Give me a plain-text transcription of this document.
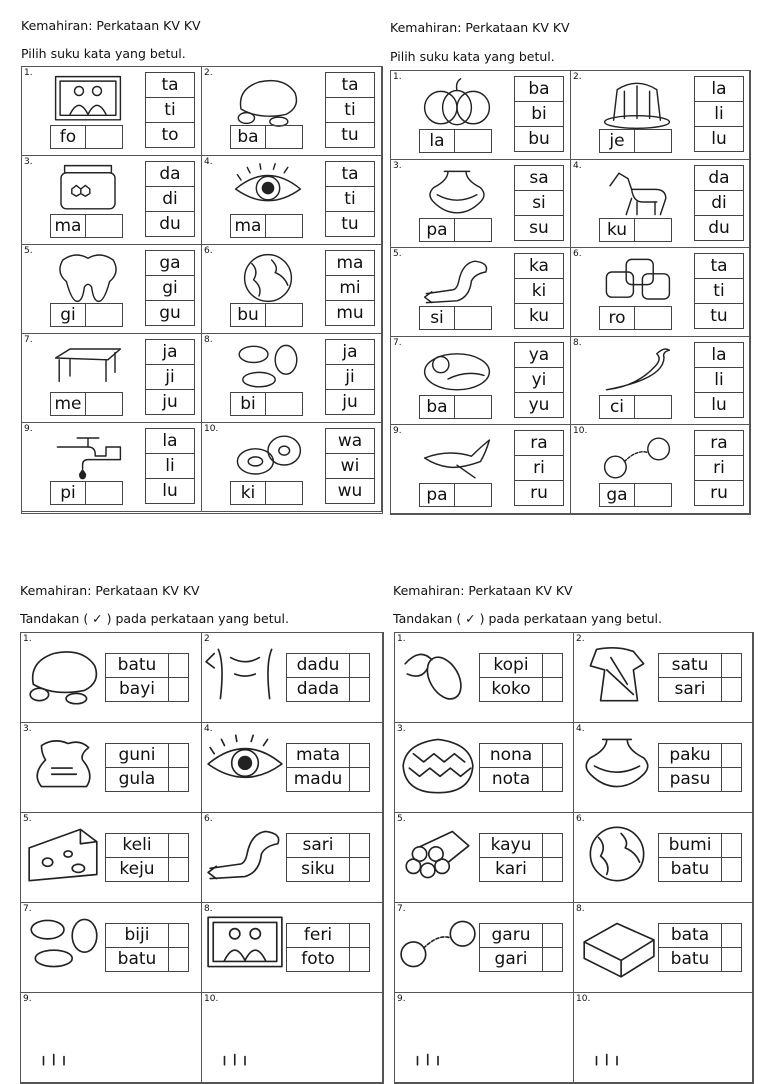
Kemahiran: Perkataan KV KV
Pilih suku kata yang betul.
1.
fo
ta
ti
to
2.
ba
ta
ti
tu
3.
ma
da
di
du
4.
ma
ta
ti
tu
5.
gi
ga
gi
gu
6.
bu
ma
mi
mu
7.
me
ja
ji
ju
8.
bi
ja
ji
ju
9.
pi
la
li
lu
10.
ki
wa
wi
wu
Kemahiran: Perkataan KV KV
Pilih suku kata yang betul.
1.
la
ba
bi
bu
2.
je
la
li
lu
3.
pa
sa
si
su
4.
ku
da
di
du
5.
si
ka
ki
ku
6.
ro
ta
ti
tu
7.
ba
ya
yi
yu
8.
ci
la
li
lu
9.
pa
ra
ri
ru
10.
ga
ra
ri
ru
Kemahiran: Perkataan KV KV
Tandakan ( ✓ ) pada perkataan yang betul.
1.
batu
bayi
2
dadu
dada
3.
guni
gula
4.
mata
madu
5.
keli
keju
6.
sari
siku
7.
biji
batu
8.
feri
foto
9.	10.
Kemahiran: Perkataan KV KV
Tandakan ( ✓ ) pada perkataan yang betul.
1.
kopi
koko
2.
satu
sari
3.
nona
nota
4.
paku
pasu
5.
kayu
kari
6.
bumi
batu
7.
garu
gari
8.
bata
batu
9.	10.
